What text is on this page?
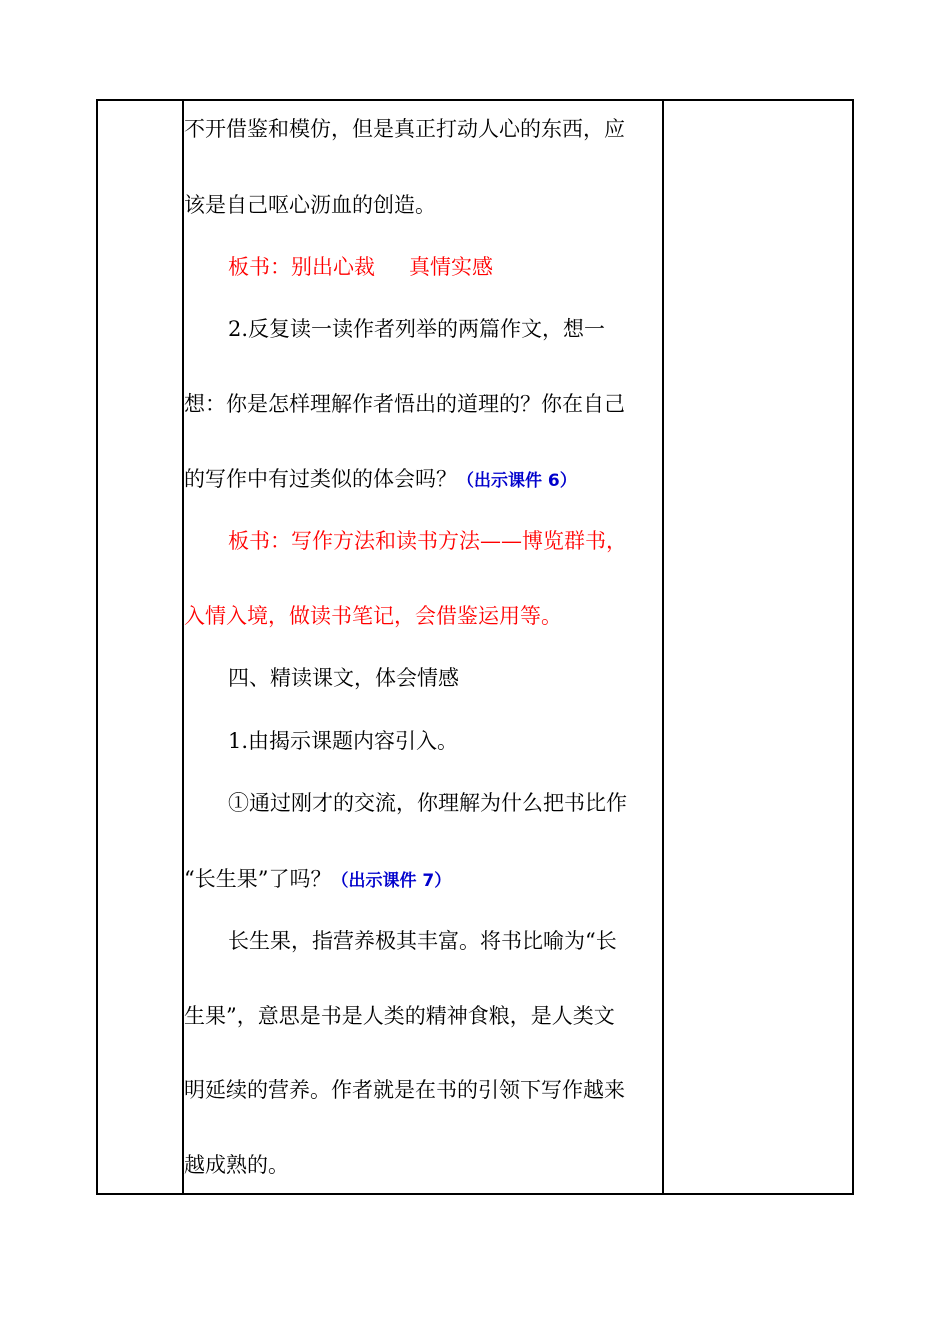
不开借鉴和模仿，但是真正打动人心的东西，应
该是自己呕心沥血的创造。
板书：别出心裁 真情实感
2.反复读一读作者列举的两篇作文，想一
想：你是怎样理解作者悟出的道理的？你在自己
的写作中有过类似的体会吗？（出示课件 6）
板书：写作方法和读书方法——博览群书，
入情入境，做读书笔记，会借鉴运用等。
四、精读课文，体会情感
1.由揭示课题内容引入。
①通过刚才的交流，你理解为什么把书比作
“长生果”了吗？（出示课件 7）
长生果，指营养极其丰富。将书比喻为“长
生果”，意思是书是人类的精神食粮，是人类文
明延续的营养。作者就是在书的引领下写作越来
越成熟的。
